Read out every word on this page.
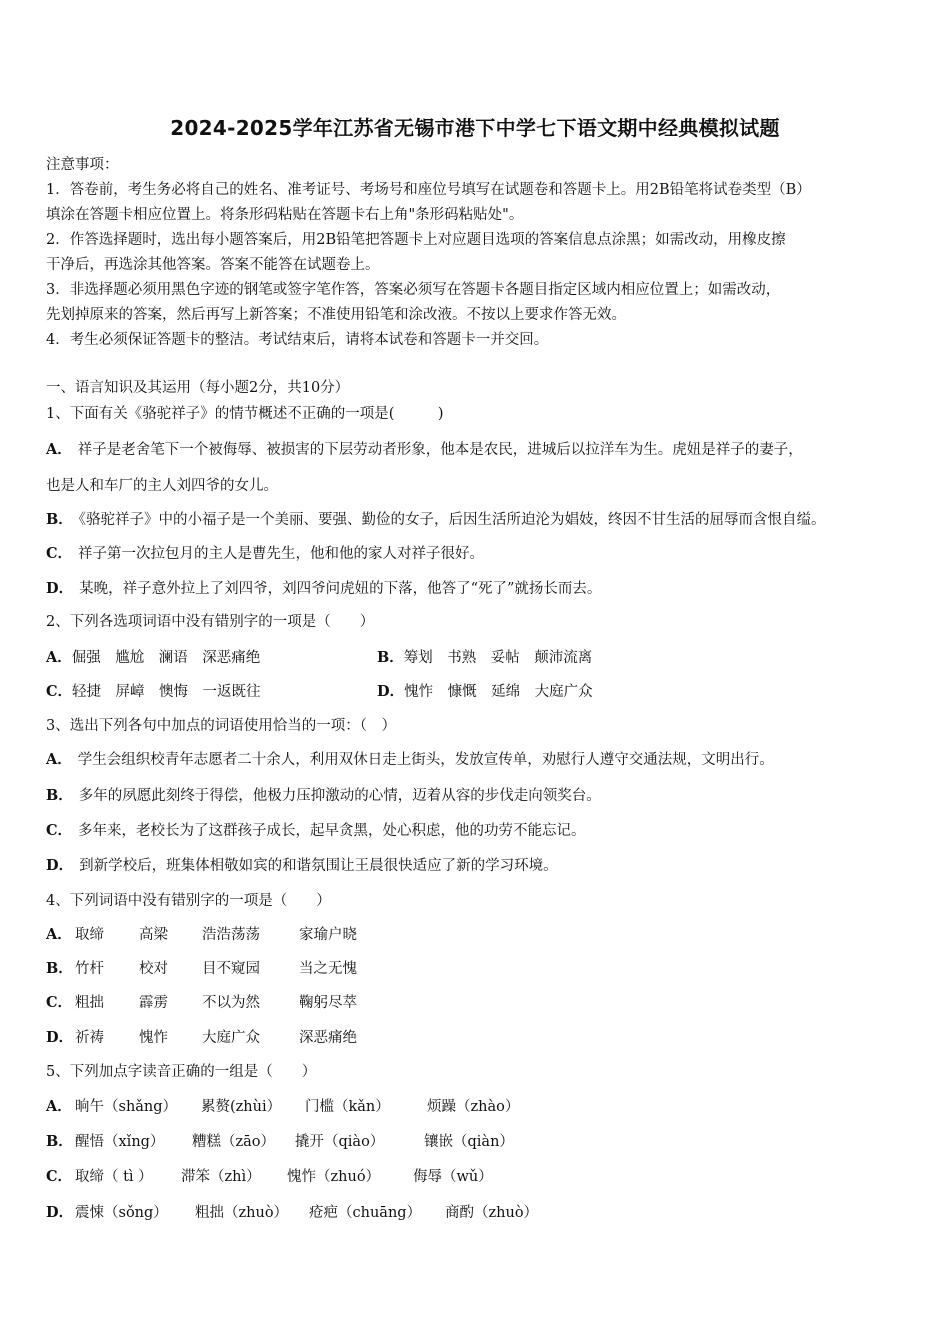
2024-2025学年江苏省无锡市港下中学七下语文期中经典模拟试题
注意事项：
1．答卷前，考生务必将自己的姓名、准考证号、考场号和座位号填写在试题卷和答题卡上。用2B铅笔将试卷类型（B）
填涂在答题卡相应位置上。将条形码粘贴在答题卡右上角"条形码粘贴处"。
2．作答选择题时，选出每小题答案后，用2B铅笔把答题卡上对应题目选项的答案信息点涂黑；如需改动，用橡皮擦
干净后，再选涂其他答案。答案不能答在试题卷上。
3．非选择题必须用黑色字迹的钢笔或签字笔作答，答案必须写在答题卡各题目指定区域内相应位置上；如需改动，
先划掉原来的答案，然后再写上新答案；不准使用铅笔和涂改液。不按以上要求作答无效。
4．考生必须保证答题卡的整洁。考试结束后，请将本试卷和答题卡一并交回。
一、语言知识及其运用（每小题2分，共10分）
1、下面有关《骆驼祥子》的情节概述不正确的一项是(　　　)
A． 祥子是老舍笔下一个被侮辱、被损害的下层劳动者形象，他本是农民，进城后以拉洋车为生。虎妞是祥子的妻子，
也是人和车厂的主人刘四爷的女儿。
B． 《骆驼祥子》中的小福子是一个美丽、要强、勤俭的女子，后因生活所迫沦为娼妓，终因不甘生活的屈辱而含恨自缢。
C． 祥子第一次拉包月的主人是曹先生，他和他的家人对祥子很好。
D． 某晚，祥子意外拉上了刘四爷，刘四爷问虎妞的下落，他答了“死了”就扬长而去。
2、下列各选项词语中没有错别字的一项是（　　）
A．倔强　尴尬　澜语　深恶痛绝	B．筹划　书熟　妥帖　颠沛流离
C．轻捷　屏嶂　懊悔　一返既往	D．愧怍　慷慨　延绵　大庭广众
3、选出下列各句中加点的词语使用恰当的一项：（　）
A． 学生会组织校青年志愿者二十余人，利用双休日走上街头，发放宣传单，劝慰行人遵守交通法规，文明出行。
B． 多年的夙愿此刻终于得偿，他极力压抑激动的心情，迈着从容的步伐走向领奖台。
C． 多年来，老校长为了这群孩子成长，起早贪黑，处心积虑，他的功劳不能忘记。
D． 到新学校后，班集体相敬如宾的和谐氛围让王晨很快适应了新的学习环境。
4、下列词语中没有错别字的一项是（　　）
A． 取缔 高梁 浩浩荡荡	家瑜户晓
B． 竹杆 校对 目不窥园	当之无愧
C． 粗拙 霹雳 不以为然	鞠躬尽萃
D． 祈祷 愧怍 大庭广众	深恶痛绝
5、下列加点字读音正确的一组是（　　）
A． 晌午（shǎng） 累赘(zhùi） 门槛（kǎn）	烦躁（zhào）
B． 醒悟（xǐng） 糟糕（zāo） 撬开（qiào）	镶嵌（qiàn）
C． 取缔（ tì ） 滞笨（zhì） 愧怍（zhuó） 侮辱（wǔ）
D． 震悚（sǒng） 粗拙（zhuò） 疮疤（chuāng） 商酌（zhuò）
